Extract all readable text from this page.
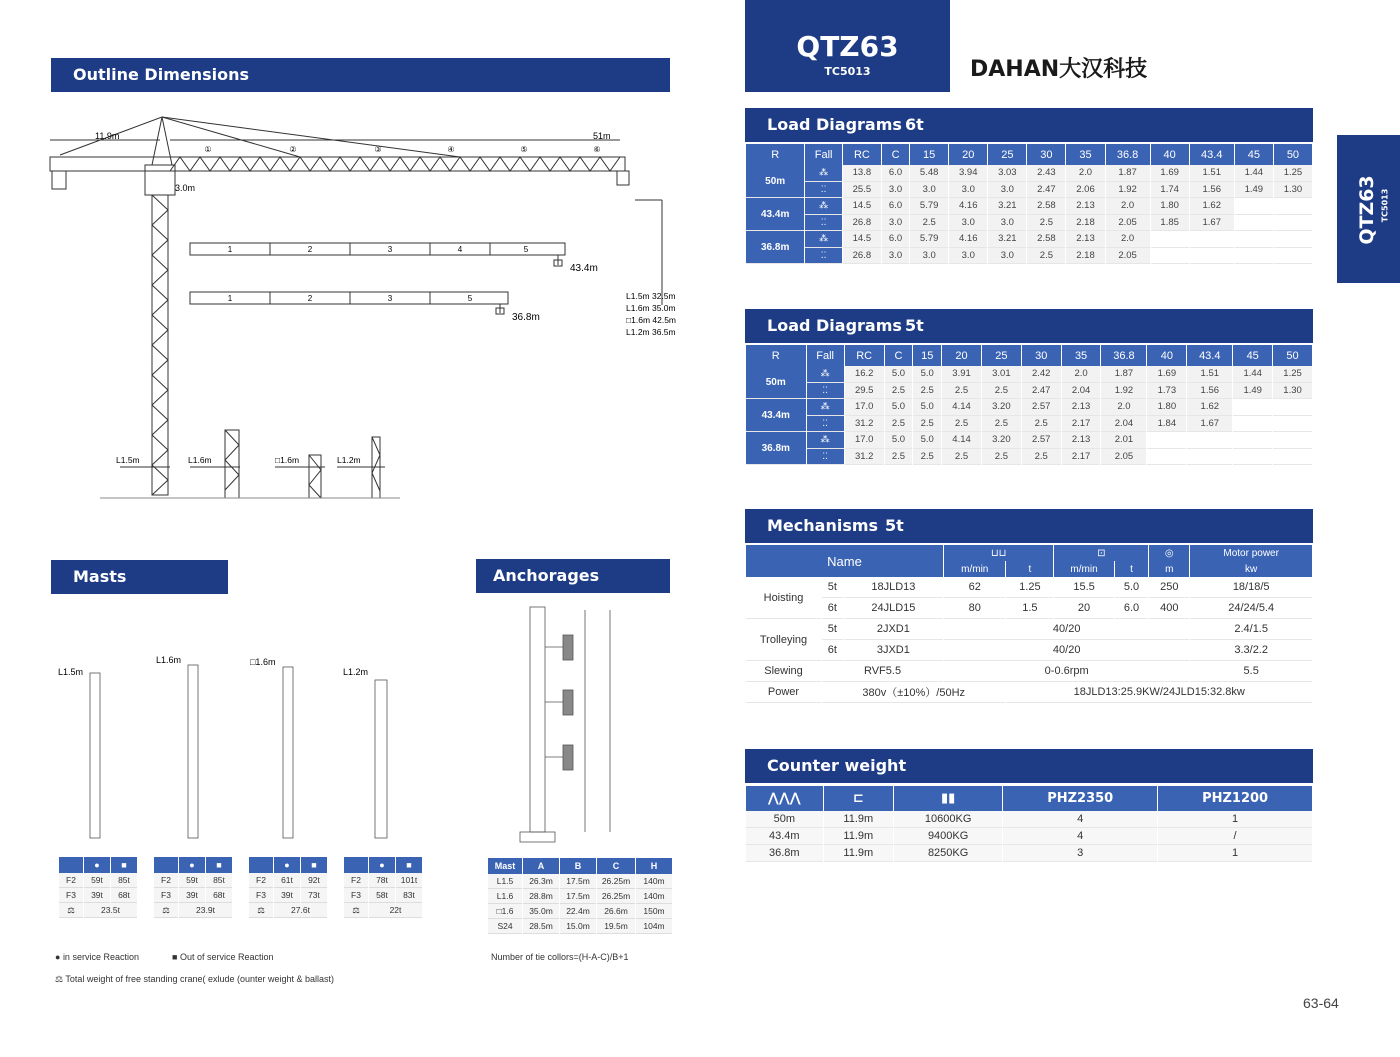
Outline Dimensions
11.9m	51m
3.0m
①	②	③	④	⑤	⑥
1	2	3	4	5
1	2	3	5
43.4m
36.8m
L1.5m 32.5m
L1.6m 35.0m
□1.6m 42.5m
L1.2m 36.5m
L1.5m	L1.6m	□1.6m	L1.2m
Masts
L1.5m
L1.6m	□1.6m
L1.2m
	●	■
F2	59t	85t
F3	39t	68t
⚖	23.5t	
	●	■
F2	59t	85t
F3	39t	68t
⚖	23.9t	
	●	■
F2	61t	92t
F3	39t	73t
⚖	27.6t	
	●	■
F2	78t	101t
F3	58t	83t
⚖	22t	
● in service Reaction	■ Out of service Reaction
⚖ Total weight of free standing crane( exlude (ounter weight & ballast)
Anchorages
Mast	A	B	C	H
L1.5	26.3m	17.5m	26.25m	140m
L1.6	28.8m	17.5m	26.25m	140m
□1.6	35.0m	22.4m	26.6m	150m
S24	28.5m	15.0m	19.5m	104m
Number of tie collors=(H-A-C)/B+1
QTZ63
TC5013	DAHAN大汉科技
QTZ63 TC5013
Load Diagrams 6t
R	Fall	RC	C	15	20	25	30	35	36.8	40	43.4	45	50
50m	⁂	13.8	6.0	5.48	3.94	3.03	2.43	2.0	1.87	1.69	1.51	1.44	1.25
	⁚⁚	25.5	3.0	3.0	3.0	3.0	2.47	2.06	1.92	1.74	1.56	1.49	1.30
43.4m	⁂	14.5	6.0	5.79	4.16	3.21	2.58	2.13	2.0	1.80	1.62		
	⁚⁚	26.8	3.0	2.5	3.0	3.0	2.5	2.18	2.05	1.85	1.67		
36.8m	⁂	14.5	6.0	5.79	4.16	3.21	2.58	2.13	2.0				
	⁚⁚	26.8	3.0	3.0	3.0	3.0	2.5	2.18	2.05				
Load Diagrams 5t
R	Fall	RC	C	15	20	25	30	35	36.8	40	43.4	45	50
50m	⁂	16.2	5.0	5.0	3.91	3.01	2.42	2.0	1.87	1.69	1.51	1.44	1.25
	⁚⁚	29.5	2.5	2.5	2.5	2.5	2.47	2.04	1.92	1.73	1.56	1.49	1.30
43.4m	⁂	17.0	5.0	5.0	4.14	3.20	2.57	2.13	2.0	1.80	1.62		
	⁚⁚	31.2	2.5	2.5	2.5	2.5	2.5	2.17	2.04	1.84	1.67		
36.8m	⁂	17.0	5.0	5.0	4.14	3.20	2.57	2.13	2.01				
	⁚⁚	31.2	2.5	2.5	2.5	2.5	2.5	2.17	2.05				
Mechanisms 5t
Name			⊔⊔		⊡		◎	Motor power
			m/min	t	m/min	t	m	kw
Hoisting	5t	18JLD13	62	1.25	15.5	5.0	250	18/18/5
	6t	24JLD15	80	1.5	20	6.0	400	24/24/5.4
Trolleying	5t	2JXD1	40/20					2.4/1.5
	6t	3JXD1	40/20					3.3/2.2
Slewing	RVF5.5		0-0.6rpm					5.5
Power	380v（±10%）/50Hz			18JLD13:25.9KW/24JLD15:32.8kw				
Counter weight
⋀⋀⋀	⊏	▮▮	PHZ2350	PHZ1200
50m	11.9m	10600KG	4	1
43.4m	11.9m	9400KG	4	/
36.8m	11.9m	8250KG	3	1
63-64
